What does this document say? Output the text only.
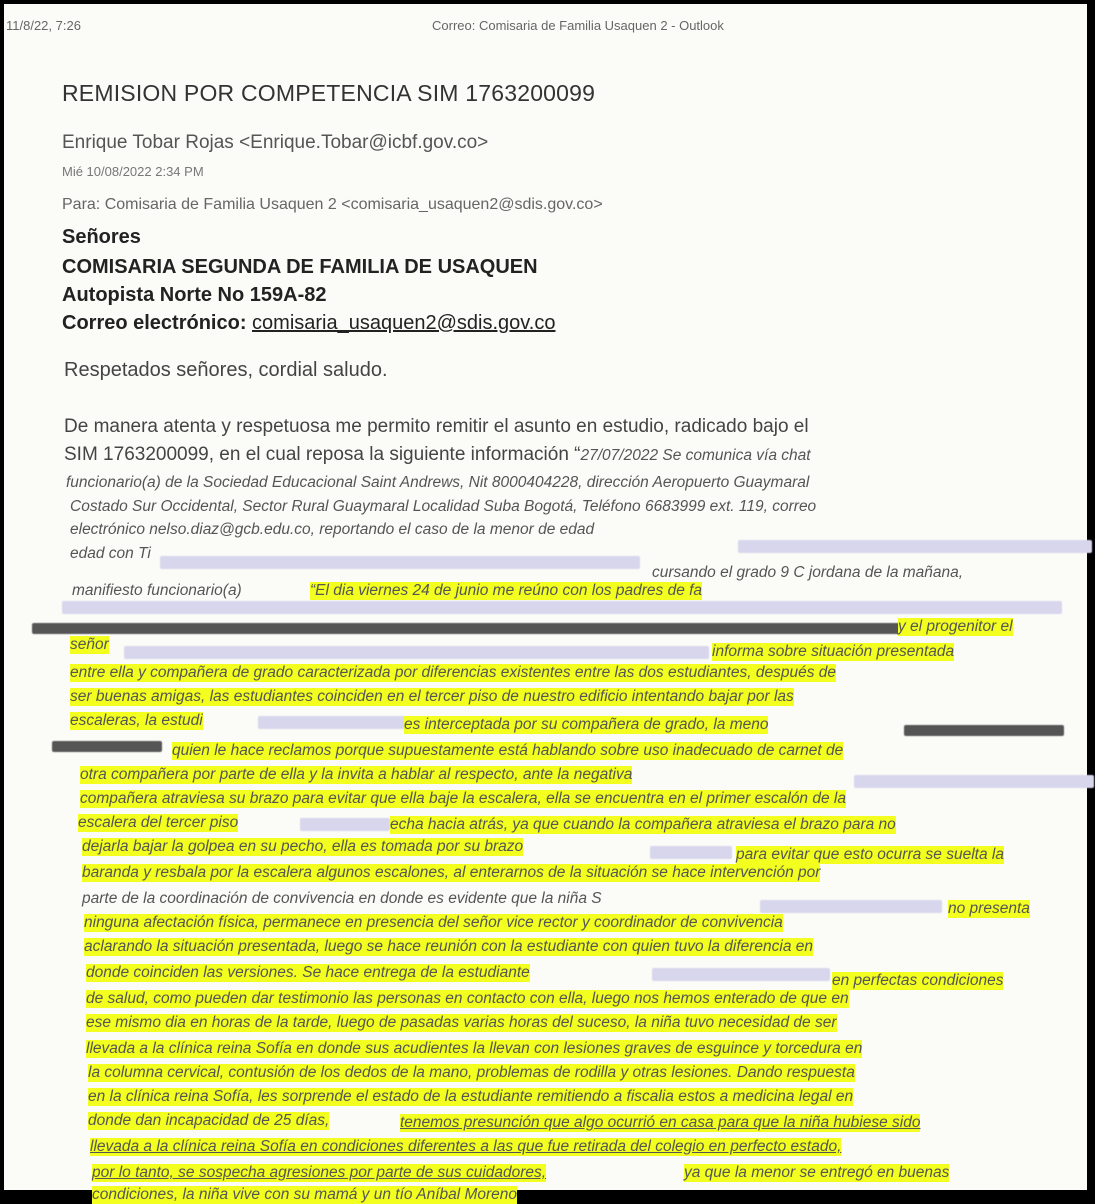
11/8/22, 7:26	Correo: Comisaria de Familia Usaquen 2 - Outlook
REMISION POR COMPETENCIA SIM 1763200099
Enrique Tobar Rojas <Enrique.Tobar@icbf.gov.co>
Mié 10/08/2022 2:34 PM
Para: Comisaria de Familia Usaquen 2 <comisaria_usaquen2@sdis.gov.co>
Señores
COMISARIA SEGUNDA DE FAMILIA DE USAQUEN
Autopista Norte No 159A-82
Correo electrónico: comisaria_usaquen2@sdis.gov.co
Respetados señores, cordial saludo.
De manera atenta y respetuosa me permito remitir el asunto en estudio, radicado bajo el
SIM 1763200099, en el cual reposa la siguiente información “27/07/2022 Se comunica vía chat
funcionario(a) de la Sociedad Educacional Saint Andrews, Nit 8000404228, dirección Aeropuerto Guaymaral
Costado Sur Occidental, Sector Rural Guaymaral Localidad Suba Bogotá, Teléfono 6683999 ext. 119, correo
electrónico nelso.diaz@gcb.edu.co, reportando el caso de la menor de edad
edad con Ti
cursando el grado 9 C jordana de la mañana,
manifiesto funcionario(a)	“El dia viernes 24 de junio me reúno con los padres de fa
y el progenitor el
señor	informa sobre situación presentada
entre ella y compañera de grado caracterizada por diferencias existentes entre las dos estudiantes, después de
ser buenas amigas, las estudiantes coinciden en el tercer piso de nuestro edificio intentando bajar por las
escaleras, la estudi	es interceptada por su compañera de grado, la meno
quien le hace reclamos porque supuestamente está hablando sobre uso inadecuado de carnet de
otra compañera por parte de ella y la invita a hablar al respecto, ante la negativa
compañera atraviesa su brazo para evitar que ella baje la escalera, ella se encuentra en el primer escalón de la
escalera del tercer piso	echa hacia atrás, ya que cuando la compañera atraviesa el brazo para no
dejarla bajar la golpea en su pecho, ella es tomada por su brazo	para evitar que esto ocurra se suelta la
baranda y resbala por la escalera algunos escalones, al enterarnos de la situación se hace intervención por
parte de la coordinación de convivencia en donde es evidente que la niña S
no presenta
ninguna afectación física, permanece en presencia del señor vice rector y coordinador de convivencia
aclarando la situación presentada, luego se hace reunión con la estudiante con quien tuvo la diferencia en
donde coinciden las versiones. Se hace entrega de la estudiante	en perfectas condiciones
de salud, como pueden dar testimonio las personas en contacto con ella, luego nos hemos enterado de que en
ese mismo dia en horas de la tarde, luego de pasadas varias horas del suceso, la niña tuvo necesidad de ser
llevada a la clínica reina Sofía en donde sus acudientes la llevan con lesiones graves de esguince y torcedura en
la columna cervical, contusión de los dedos de la mano, problemas de rodilla y otras lesiones. Dando respuesta
en la clínica reina Sofía, les sorprende el estado de la estudiante remitiendo a fiscalia estos a medicina legal en
donde dan incapacidad de 25 días,	tenemos presunción que algo ocurrió en casa para que la niña hubiese sido
llevada a la clínica reina Sofía en condiciones diferentes a las que fue retirada del colegio en perfecto estado,
por lo tanto, se sospecha agresiones por parte de sus cuidadores,	ya que la menor se entregó en buenas
condiciones, la niña vive con su mamá y un tío Aníbal Moreno
